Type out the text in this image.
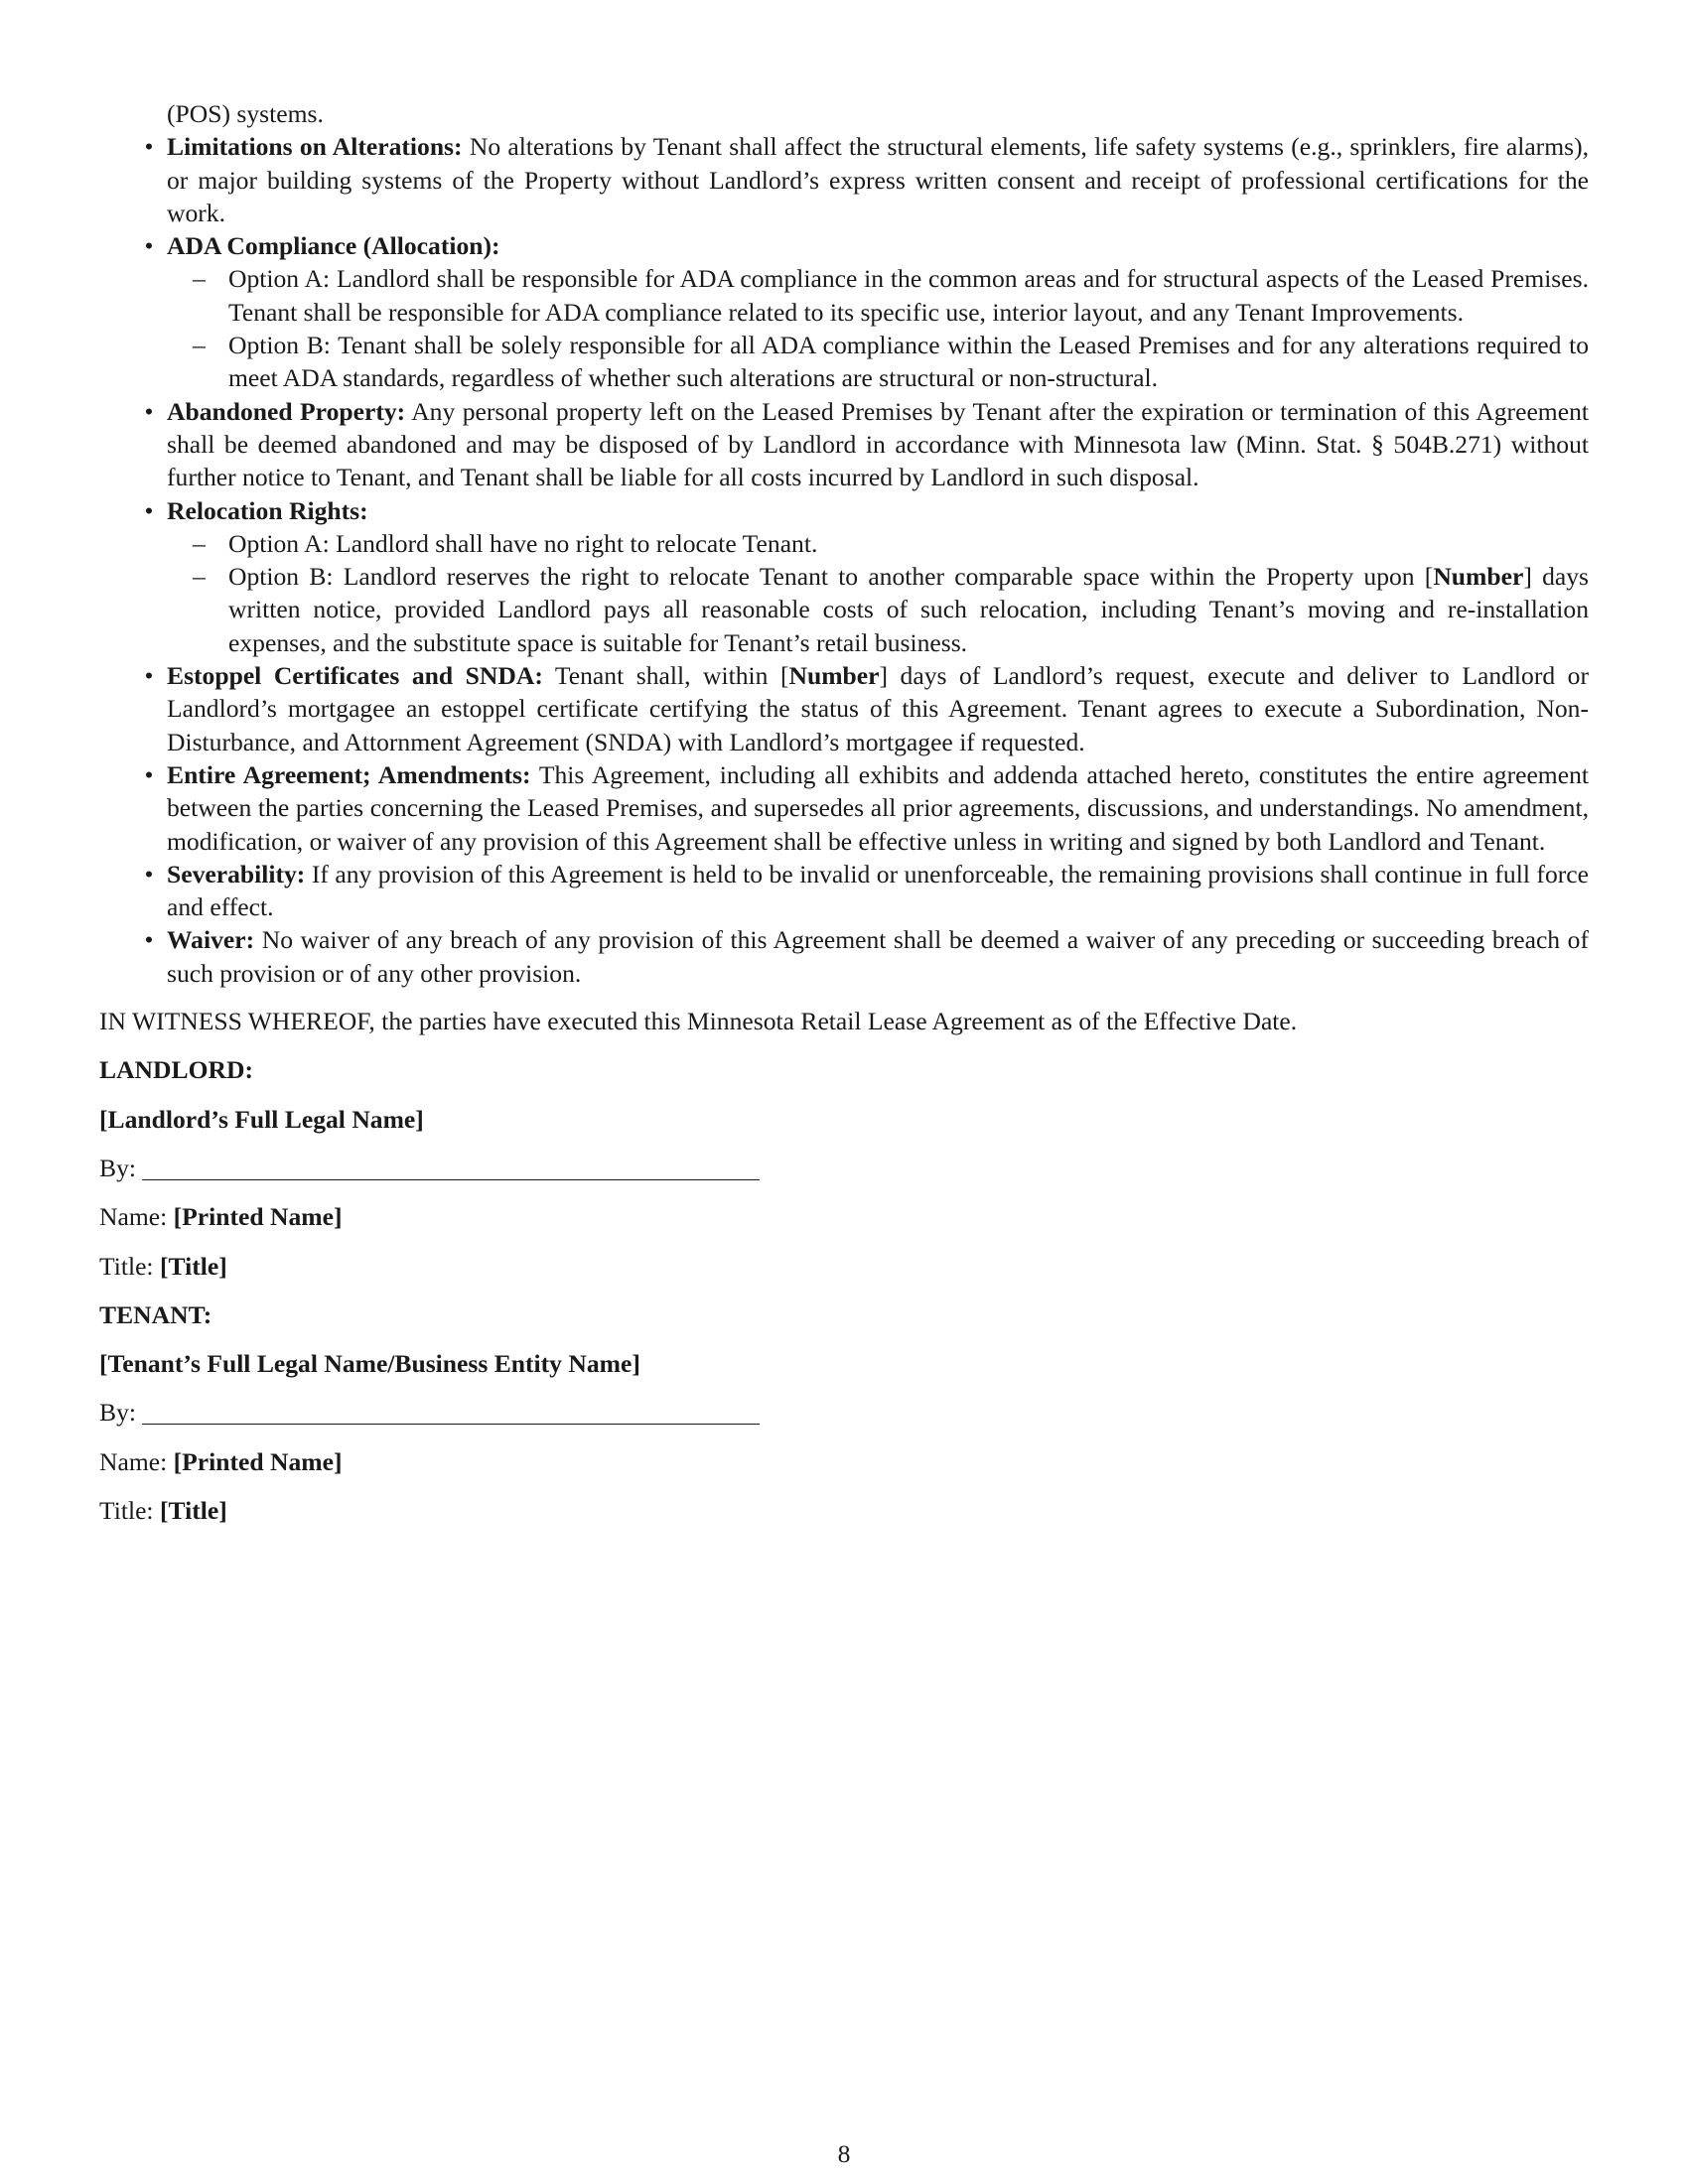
(POS) systems.
• Limitations on Alterations: No alterations by Tenant shall affect the structural elements, life safety systems (e.g., sprinklers, fire alarms), or major building systems of the Property without Landlord’s express written consent and receipt of professional certifications for the work.
• ADA Compliance (Allocation):
– Option A: Landlord shall be responsible for ADA compliance in the common areas and for structural aspects of the Leased Premises. Tenant shall be responsible for ADA compliance related to its specific use, interior layout, and any Tenant Improvements.
– Option B: Tenant shall be solely responsible for all ADA compliance within the Leased Premises and for any alterations required to meet ADA standards, regardless of whether such alterations are structural or non-structural.
• Abandoned Property: Any personal property left on the Leased Premises by Tenant after the expiration or termination of this Agreement shall be deemed abandoned and may be disposed of by Landlord in accordance with Minnesota law (Minn. Stat. § 504B.271) without further notice to Tenant, and Tenant shall be liable for all costs incurred by Landlord in such disposal.
• Relocation Rights:
– Option A: Landlord shall have no right to relocate Tenant.
– Option B: Landlord reserves the right to relocate Tenant to another comparable space within the Property upon [Number] days written notice, provided Landlord pays all reasonable costs of such relocation, including Tenant’s moving and re-installation expenses, and the substitute space is suitable for Tenant’s retail business.
• Estoppel Certificates and SNDA: Tenant shall, within [Number] days of Landlord’s request, execute and deliver to Landlord or Landlord’s mortgagee an estoppel certificate certifying the status of this Agreement. Tenant agrees to execute a Subordination, Non-Disturbance, and Attornment Agreement (SNDA) with Landlord’s mortgagee if requested.
• Entire Agreement; Amendments: This Agreement, including all exhibits and addenda attached hereto, constitutes the entire agreement between the parties concerning the Leased Premises, and supersedes all prior agreements, discussions, and understandings. No amendment, modification, or waiver of any provision of this Agreement shall be effective unless in writing and signed by both Landlord and Tenant.
• Severability: If any provision of this Agreement is held to be invalid or unenforceable, the remaining provisions shall continue in full force and effect.
• Waiver: No waiver of any breach of any provision of this Agreement shall be deemed a waiver of any preceding or succeeding breach of such provision or of any other provision.
IN WITNESS WHEREOF, the parties have executed this Minnesota Retail Lease Agreement as of the Effective Date.

LANDLORD:

[Landlord’s Full Legal Name]

By:

Name: [Printed Name]

Title: [Title]

TENANT:

[Tenant’s Full Legal Name/Business Entity Name]

By:

Name: [Printed Name]

Title: [Title]

8
